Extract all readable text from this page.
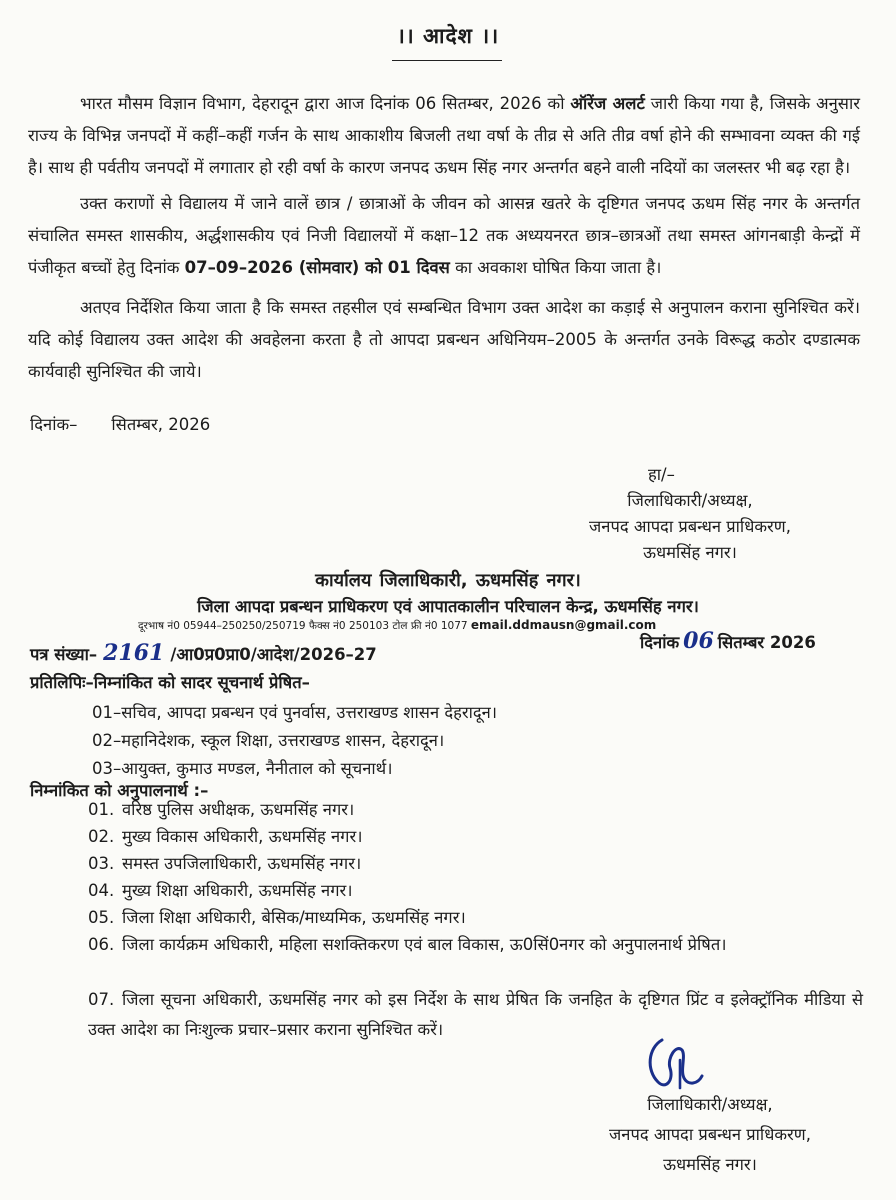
।। आदेश ।।
भारत मौसम विज्ञान विभाग, देहरादून द्वारा आज दिनांक 06 सितम्बर, 2026 को ऑरेंज अलर्ट जारी किया गया है, जिसके अनुसार राज्य के विभिन्न जनपदों में कहीं–कहीं गर्जन के साथ आकाशीय बिजली तथा वर्षा के तीव्र से अति तीव्र वर्षा होने की सम्भावना व्यक्त की गई है। साथ ही पर्वतीय जनपदों में लगातार हो रही वर्षा के कारण जनपद ऊधम सिंह नगर अन्तर्गत बहने वाली नदियों का जलस्तर भी बढ़ रहा है।
उक्त कराणों से विद्यालय में जाने वालें छात्र / छात्राओं के जीवन को आसन्न खतरे के दृष्टिगत जनपद ऊधम सिंह नगर के अन्तर्गत संचालित समस्त शासकीय, अर्द्धशासकीय एवं निजी विद्यालयों में कक्षा–12 तक अध्ययनरत छात्र–छात्रओं तथा समस्त आंगनबाड़ी केन्द्रों में पंजीकृत बच्चों हेतु दिनांक 07–09–2026 (सोमवार) को 01 दिवस का अवकाश घोषित किया जाता है।
अतएव निर्देशित किया जाता है कि समस्त तहसील एवं सम्बन्धित विभाग उक्त आदेश का कड़ाई से अनुपालन कराना सुनिश्चित करें। यदि कोई विद्यालय उक्त आदेश की अवहेलना करता है तो आपदा प्रबन्धन अधिनियम–2005 के अन्तर्गत उनके विरूद्ध कठोर दण्डात्मक कार्यवाही सुनिश्चित की जाये।
दिनांक– सितम्बर, 2026
हा/–
जिलाधिकारी/अध्यक्ष,
जनपद आपदा प्रबन्धन प्राधिकरण,
ऊधमसिंह नगर।
कार्यालय जिलाधिकारी, ऊधमसिंह नगर।
जिला आपदा प्रबन्धन प्राधिकरण एवं आपातकालीन परिचालन केन्द्र, ऊधमसिंह नगर।
दूरभाष नं0 05944–250250/250719 फैक्स नं0 250103 टोल फ्री नं0 1077 email.ddmausn@gmail.com
पत्र संख्या– 2161 /आ0प्र0प्रा0/आदेश/2026–27
दिनांक 06 सितम्बर 2026
प्रतिलिपिः–निम्नांकित को सादर सूचनार्थ प्रेषित–
01–सचिव, आपदा प्रबन्धन एवं पुनर्वास, उत्तराखण्ड शासन देहरादून।
02–महानिदेशक, स्कूल शिक्षा, उत्तराखण्ड शासन, देहरादून।
03–आयुक्त, कुमाउ मण्डल, नैनीताल को सूचनार्थ।
निम्नांकित को अनुपालनार्थ :–
01. वरिष्ठ पुलिस अधीक्षक, ऊधमसिंह नगर।
02. मुख्य विकास अधिकारी, ऊधमसिंह नगर।
03. समस्त उपजिलाधिकारी, ऊधमसिंह नगर।
04. मुख्य शिक्षा अधिकारी, ऊधमसिंह नगर।
05. जिला शिक्षा अधिकारी, बेसिक/माध्यमिक, ऊधमसिंह नगर।
06. जिला कार्यक्रम अधिकारी, महिला सशक्तिकरण एवं बाल विकास, ऊ0सिं0नगर को अनुपालनार्थ प्रेषित।
07. जिला सूचना अधिकारी, ऊधमसिंह नगर को इस निर्देश के साथ प्रेषित कि जनहित के दृष्टिगत प्रिंट व इलेक्ट्रॉनिक मीडिया से उक्त आदेश का निःशुल्क प्रचार–प्रसार कराना सुनिश्चित करें।
जिलाधिकारी/अध्यक्ष,
जनपद आपदा प्रबन्धन प्राधिकरण,
ऊधमसिंह नगर।
